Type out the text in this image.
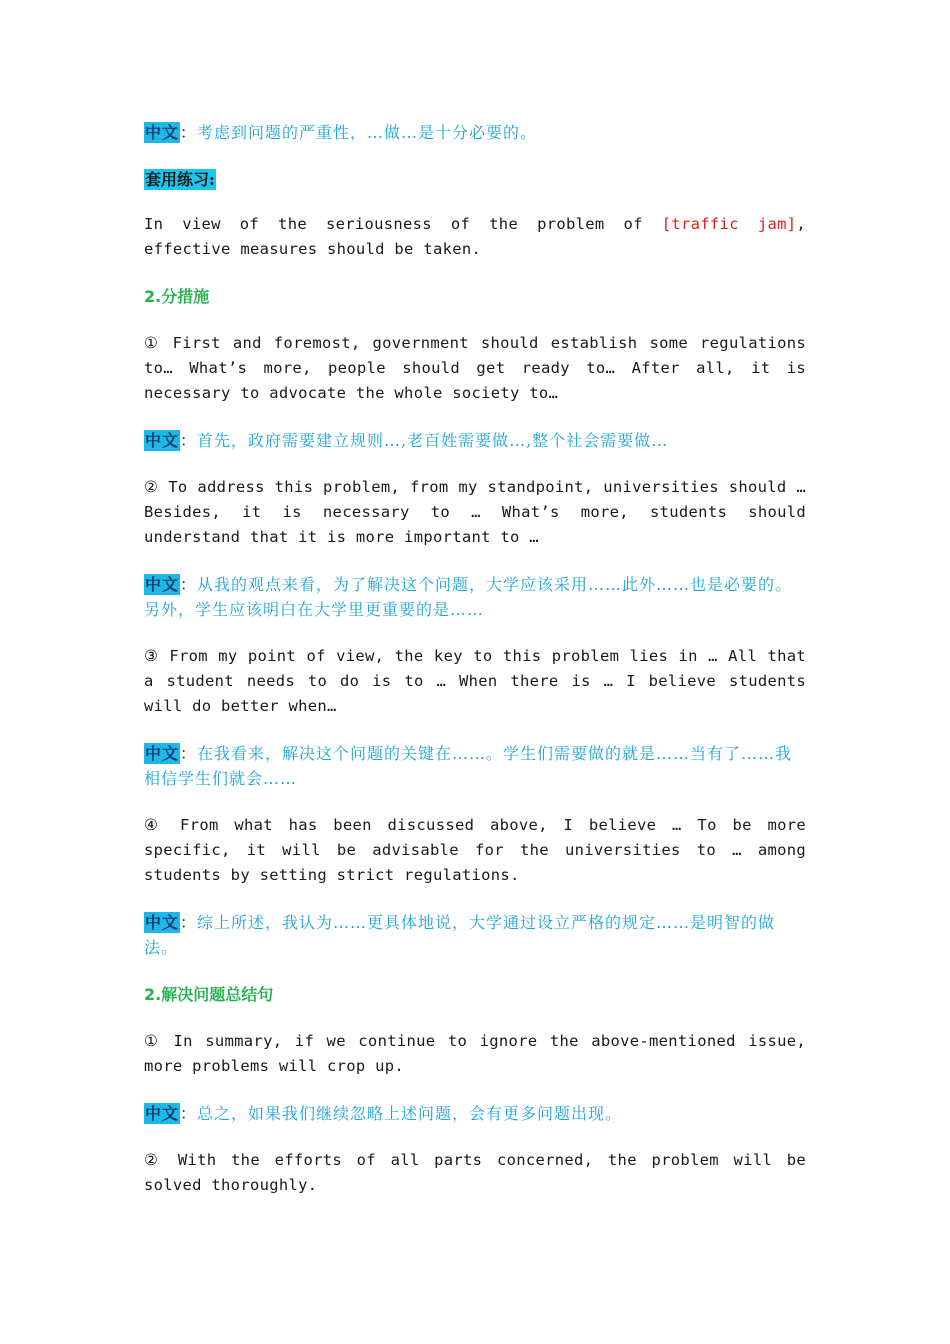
中文：考虑到问题的严重性，…做…是十分必要的。

套用练习:

In view of the seriousness of the problem of [traffic jam], effective measures should be taken.

2.分措施

① First and foremost, government should establish some regulations to… What’s more, people should get ready to… After all, it is necessary to advocate the whole society to…

中文：首先，政府需要建立规则…,老百姓需要做…,整个社会需要做…

② To address this problem, from my standpoint, universities should … Besides, it is necessary to … What’s more, students should understand that it is more important to …

中文：从我的观点来看，为了解决这个问题，大学应该采用……此外……也是必要的。另外，学生应该明白在大学里更重要的是……

③ From my point of view, the key to this problem lies in … All that a student needs to do is to … When there is … I believe students will do better when…

中文：在我看来，解决这个问题的关键在……。学生们需要做的就是……当有了……我相信学生们就会……

④ From what has been discussed above, I believe … To be more specific, it will be advisable for the universities to … among students by setting strict regulations.

中文：综上所述，我认为……更具体地说，大学通过设立严格的规定……是明智的做法。

2.解决问题总结句

① In summary, if we continue to ignore the above-mentioned issue, more problems will crop up.

中文：总之，如果我们继续忽略上述问题，会有更多问题出现。

② With the efforts of all parts concerned, the problem will be solved thoroughly.
